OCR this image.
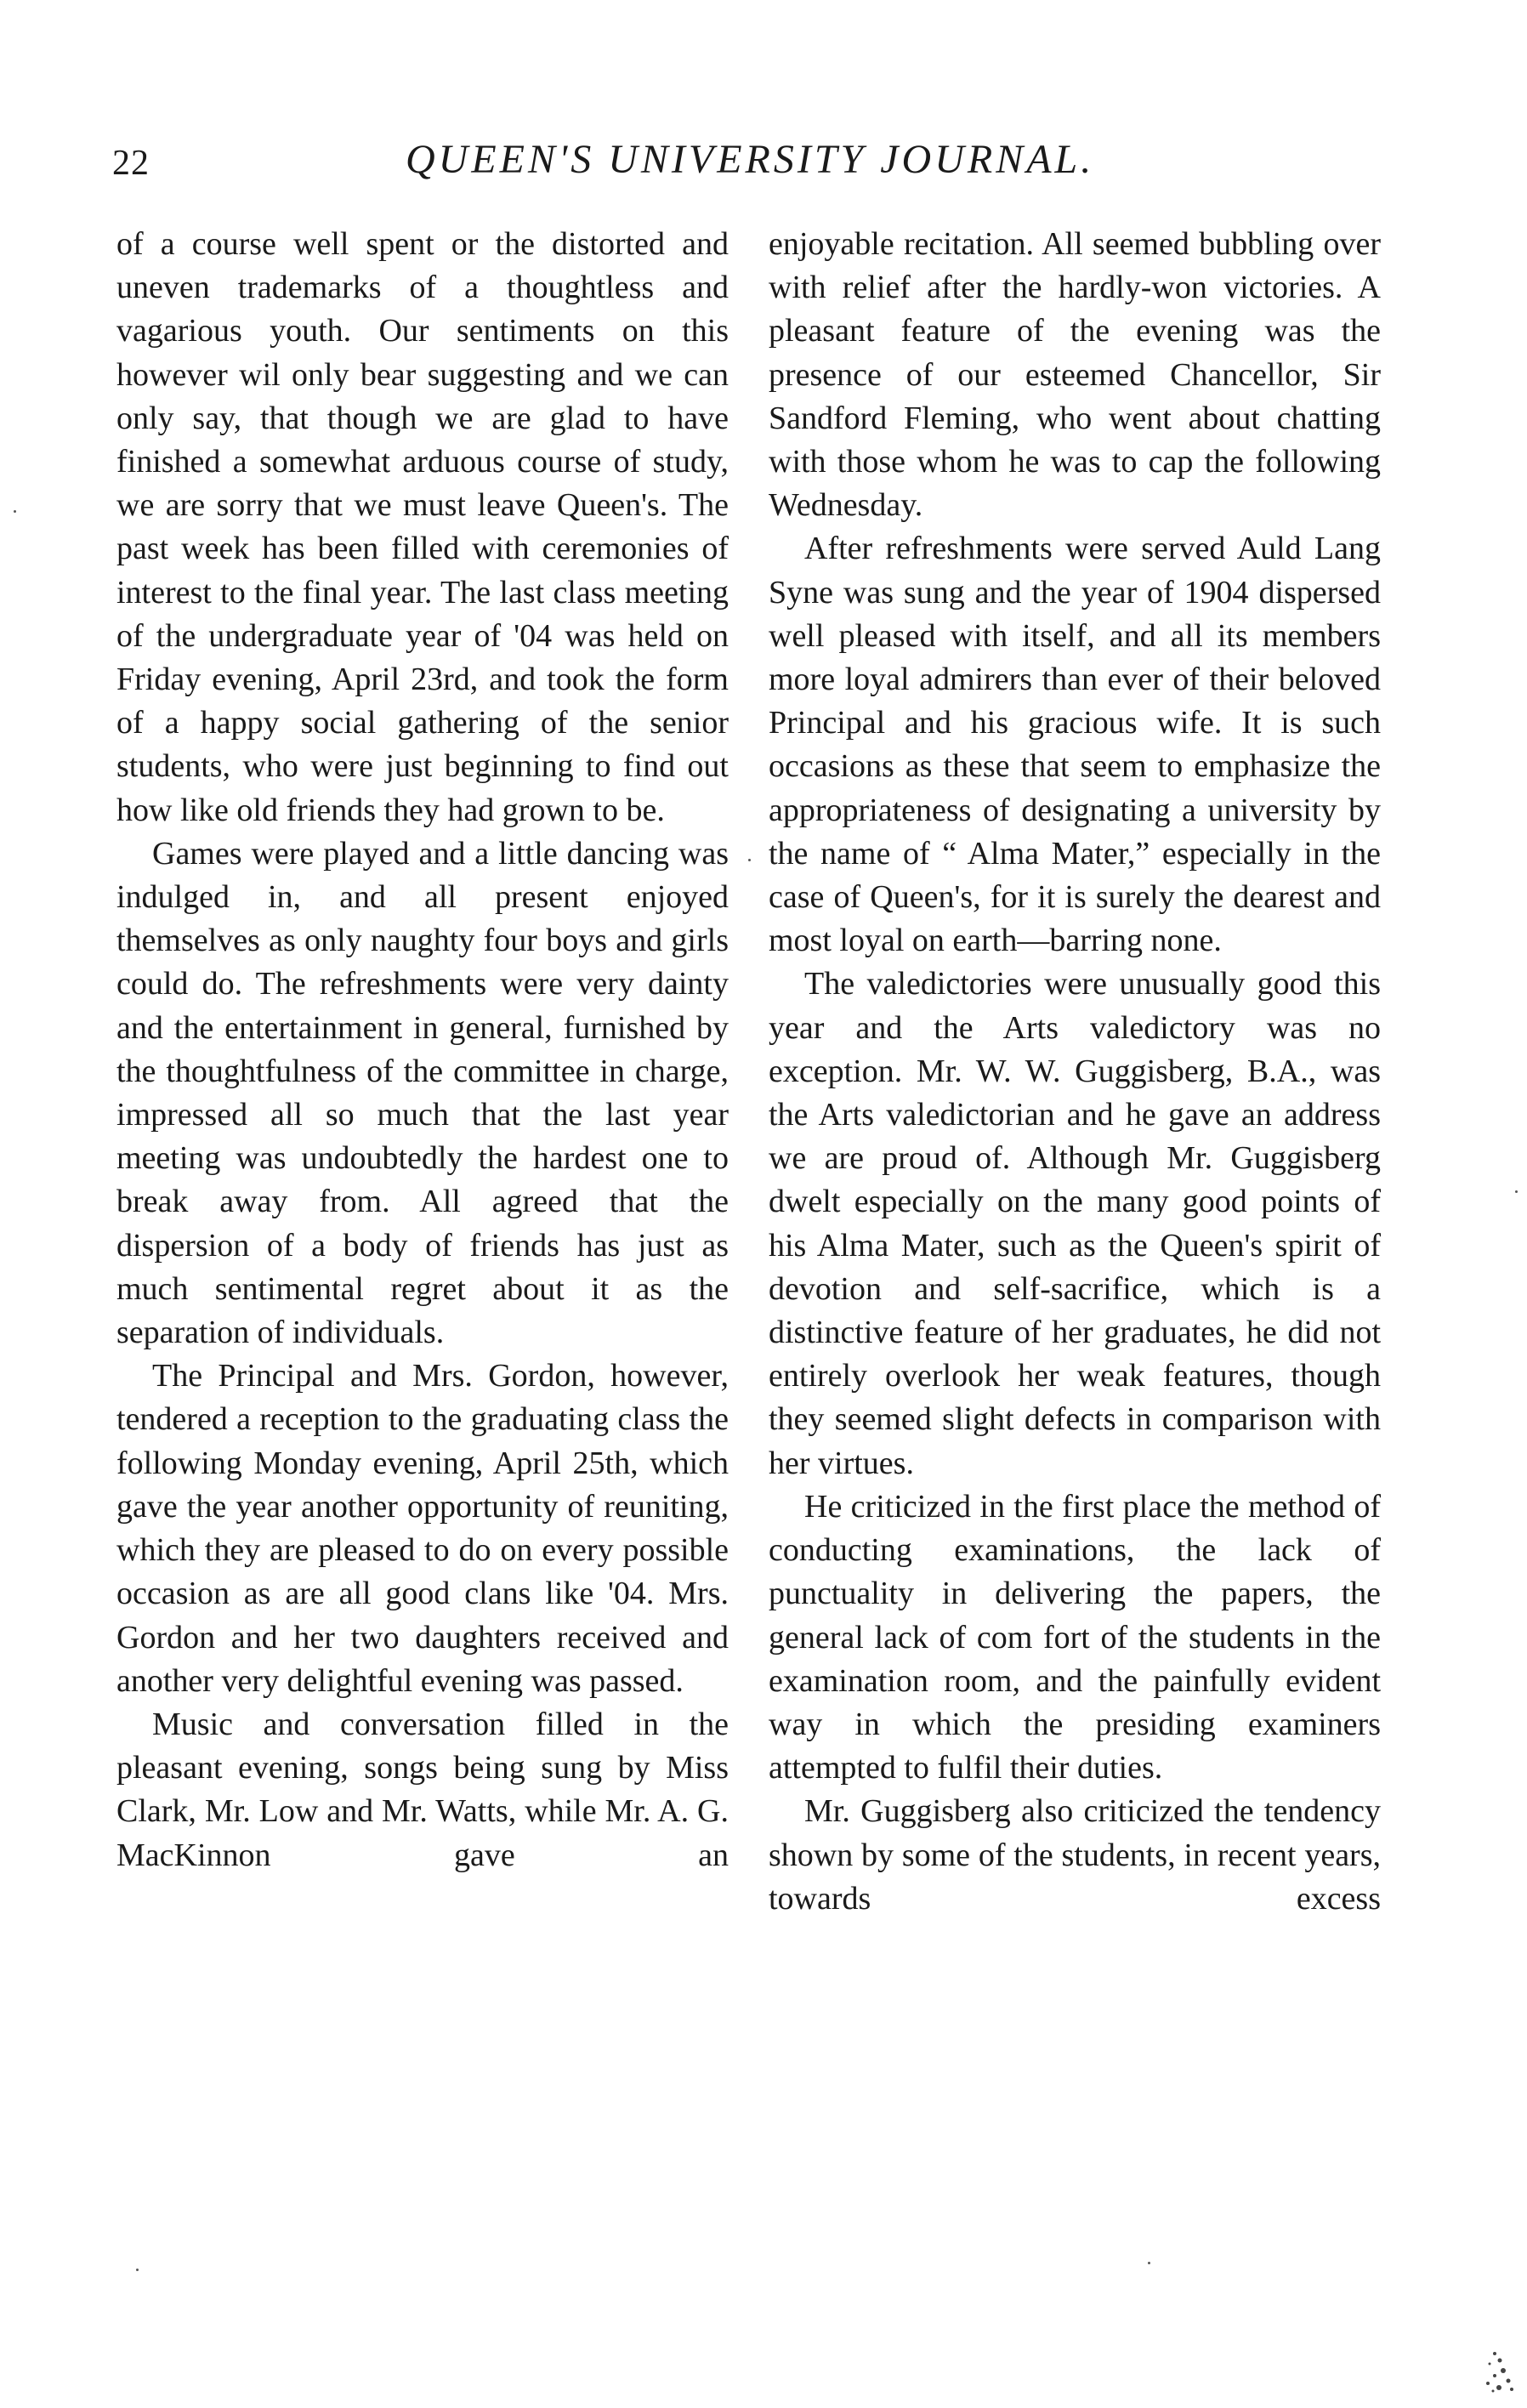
22	QUEEN'S UNIVERSITY JOURNAL.

of a course well spent or the distorted and uneven trademarks of a thoughtless and vagarious youth. Our sentiments on this however wil only bear suggesting and we can only say, that though we are glad to have finished a somewhat arduous course of study, we are sorry that we must leave Queen's. The past week has been filled with ceremonies of interest to the final year. The last class meeting of the undergraduate year of '04 was held on Friday evening, April 23rd, and took the form of a happy social gathering of the senior students, who were just beginning to find out how like old friends they had grown to be.

Games were played and a little dancing was indulged in, and all present enjoyed themselves as only naughty four boys and girls could do. The refreshments were very dainty and the entertainment in general, furnished by the thoughtfulness of the committee in charge, impressed all so much that the last year meeting was undoubtedly the hardest one to break away from. All agreed that the dispersion of a body of friends has just as much sentimental regret about it as the separation of individuals.

The Principal and Mrs. Gordon, however, tendered a reception to the graduating class the following Monday evening, April 25th, which gave the year another opportunity of reuniting, which they are pleased to do on every possible occasion as are all good clans like '04. Mrs. Gordon and her two daughters received and another very delightful evening was passed.

Music and conversation filled in the pleasant evening, songs being sung by Miss Clark, Mr. Low and Mr. Watts, while Mr. A. G. MacKinnon gave an

enjoyable recitation. All seemed bubbling over with relief after the hardly-won victories. A pleasant feature of the evening was the presence of our esteemed Chancellor, Sir Sandford Fleming, who went about chatting with those whom he was to cap the following Wednesday.

After refreshments were served Auld Lang Syne was sung and the year of 1904 dispersed well pleased with itself, and all its members more loyal admirers than ever of their beloved Principal and his gracious wife. It is such occasions as these that seem to emphasize the appropriateness of designating a university by the name of “ Alma Mater,” especially in the case of Queen's, for it is surely the dearest and most loyal on earth—barring none.

The valedictories were unusually good this year and the Arts valedictory was no exception. Mr. W. W. Guggisberg, B.A., was the Arts valedictorian and he gave an address we are proud of. Although Mr. Guggisberg dwelt especially on the many good points of his Alma Mater, such as the Queen's spirit of devotion and self-sacrifice, which is a distinctive feature of her graduates, he did not entirely overlook her weak features, though they seemed slight defects in comparison with her virtues.

He criticized in the first place the method of conducting examinations, the lack of punctuality in delivering the papers, the general lack of com fort of the students in the examination room, and the painfully evident way in which the presiding examiners attempted to fulfil their duties.

Mr. Guggisberg also criticized the tendency shown by some of the students, in recent years, towards excess
